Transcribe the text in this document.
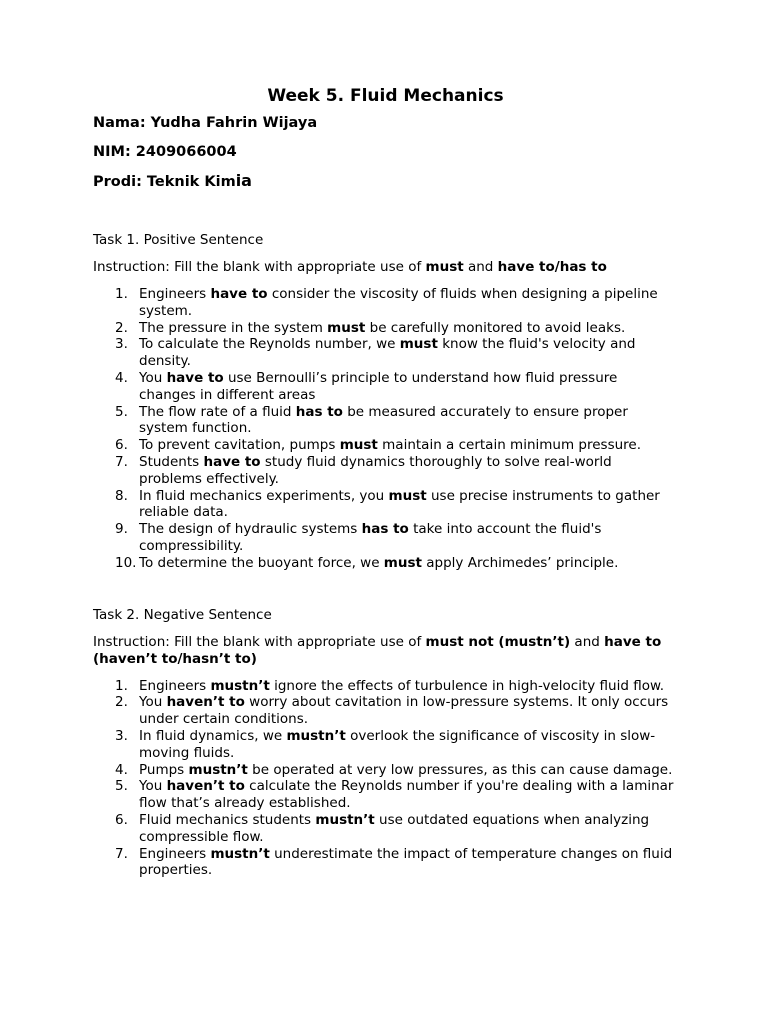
Week 5. Fluid Mechanics

Nama: Yudha Fahrin Wijaya

NIM: 2409066004

Prodi: Teknik Kimia

Task 1. Positive Sentence

Instruction: Fill the blank with appropriate use of must and have to/has to

1. Engineers have to consider the viscosity of fluids when designing a pipeline system.
2. The pressure in the system must be carefully monitored to avoid leaks.
3. To calculate the Reynolds number, we must know the fluid's velocity and density.
4. You have to use Bernoulli’s principle to understand how fluid pressure changes in different areas
5. The flow rate of a fluid has to be measured accurately to ensure proper system function.
6. To prevent cavitation, pumps must maintain a certain minimum pressure.
7. Students have to study fluid dynamics thoroughly to solve real-world problems effectively.
8. In fluid mechanics experiments, you must use precise instruments to gather reliable data.
9. The design of hydraulic systems has to take into account the fluid's compressibility.
10. To determine the buoyant force, we must apply Archimedes’ principle.

Task 2. Negative Sentence

Instruction: Fill the blank with appropriate use of must not (mustn’t) and have to (haven’t to/hasn’t to)

1. Engineers mustn’t ignore the effects of turbulence in high-velocity fluid flow.
2. You haven’t to worry about cavitation in low-pressure systems. It only occurs under certain conditions.
3. In fluid dynamics, we mustn’t overlook the significance of viscosity in slow-moving fluids.
4. Pumps mustn’t be operated at very low pressures, as this can cause damage.
5. You haven’t to calculate the Reynolds number if you're dealing with a laminar flow that’s already established.
6. Fluid mechanics students mustn’t use outdated equations when analyzing compressible flow.
7. Engineers mustn’t underestimate the impact of temperature changes on fluid properties.
